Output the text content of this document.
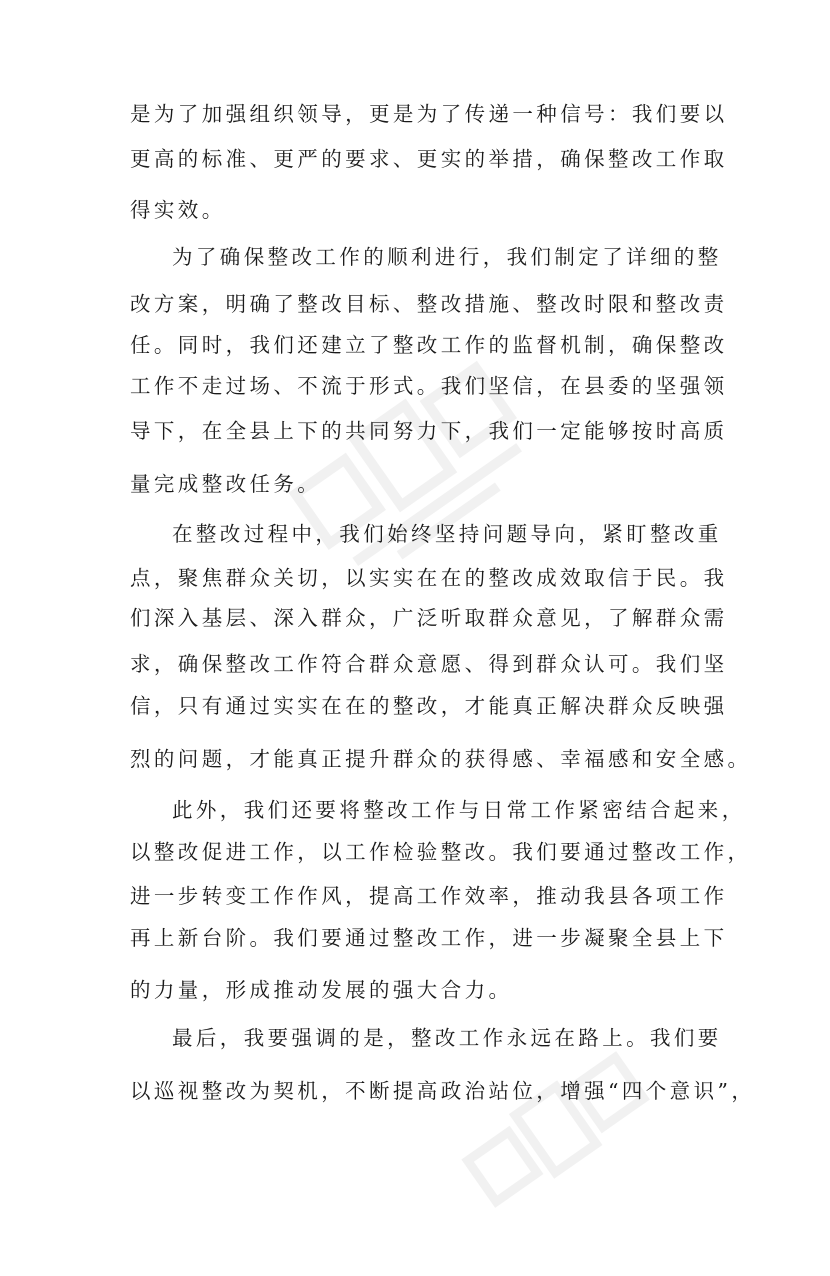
是为了加强组织领导，更是为了传递一种信号：我们要以
更高的标准、更严的要求、更实的举措，确保整改工作取
得实效。
为了确保整改工作的顺利进行，我们制定了详细的整
改方案，明确了整改目标、整改措施、整改时限和整改责
任。同时，我们还建立了整改工作的监督机制，确保整改
工作不走过场、不流于形式。我们坚信，在县委的坚强领
导下，在全县上下的共同努力下，我们一定能够按时高质
量完成整改任务。
在整改过程中，我们始终坚持问题导向，紧盯整改重
点，聚焦群众关切，以实实在在的整改成效取信于民。我
们深入基层、深入群众，广泛听取群众意见，了解群众需
求，确保整改工作符合群众意愿、得到群众认可。我们坚
信，只有通过实实在在的整改，才能真正解决群众反映强
烈的问题，才能真正提升群众的获得感、幸福感和安全感。
此外，我们还要将整改工作与日常工作紧密结合起来，
以整改促进工作，以工作检验整改。我们要通过整改工作，
进一步转变工作作风，提高工作效率，推动我县各项工作
再上新台阶。我们要通过整改工作，进一步凝聚全县上下
的力量，形成推动发展的强大合力。
最后，我要强调的是，整改工作永远在路上。我们要
以巡视整改为契机，不断提高政治站位，增强“四个意识”，
